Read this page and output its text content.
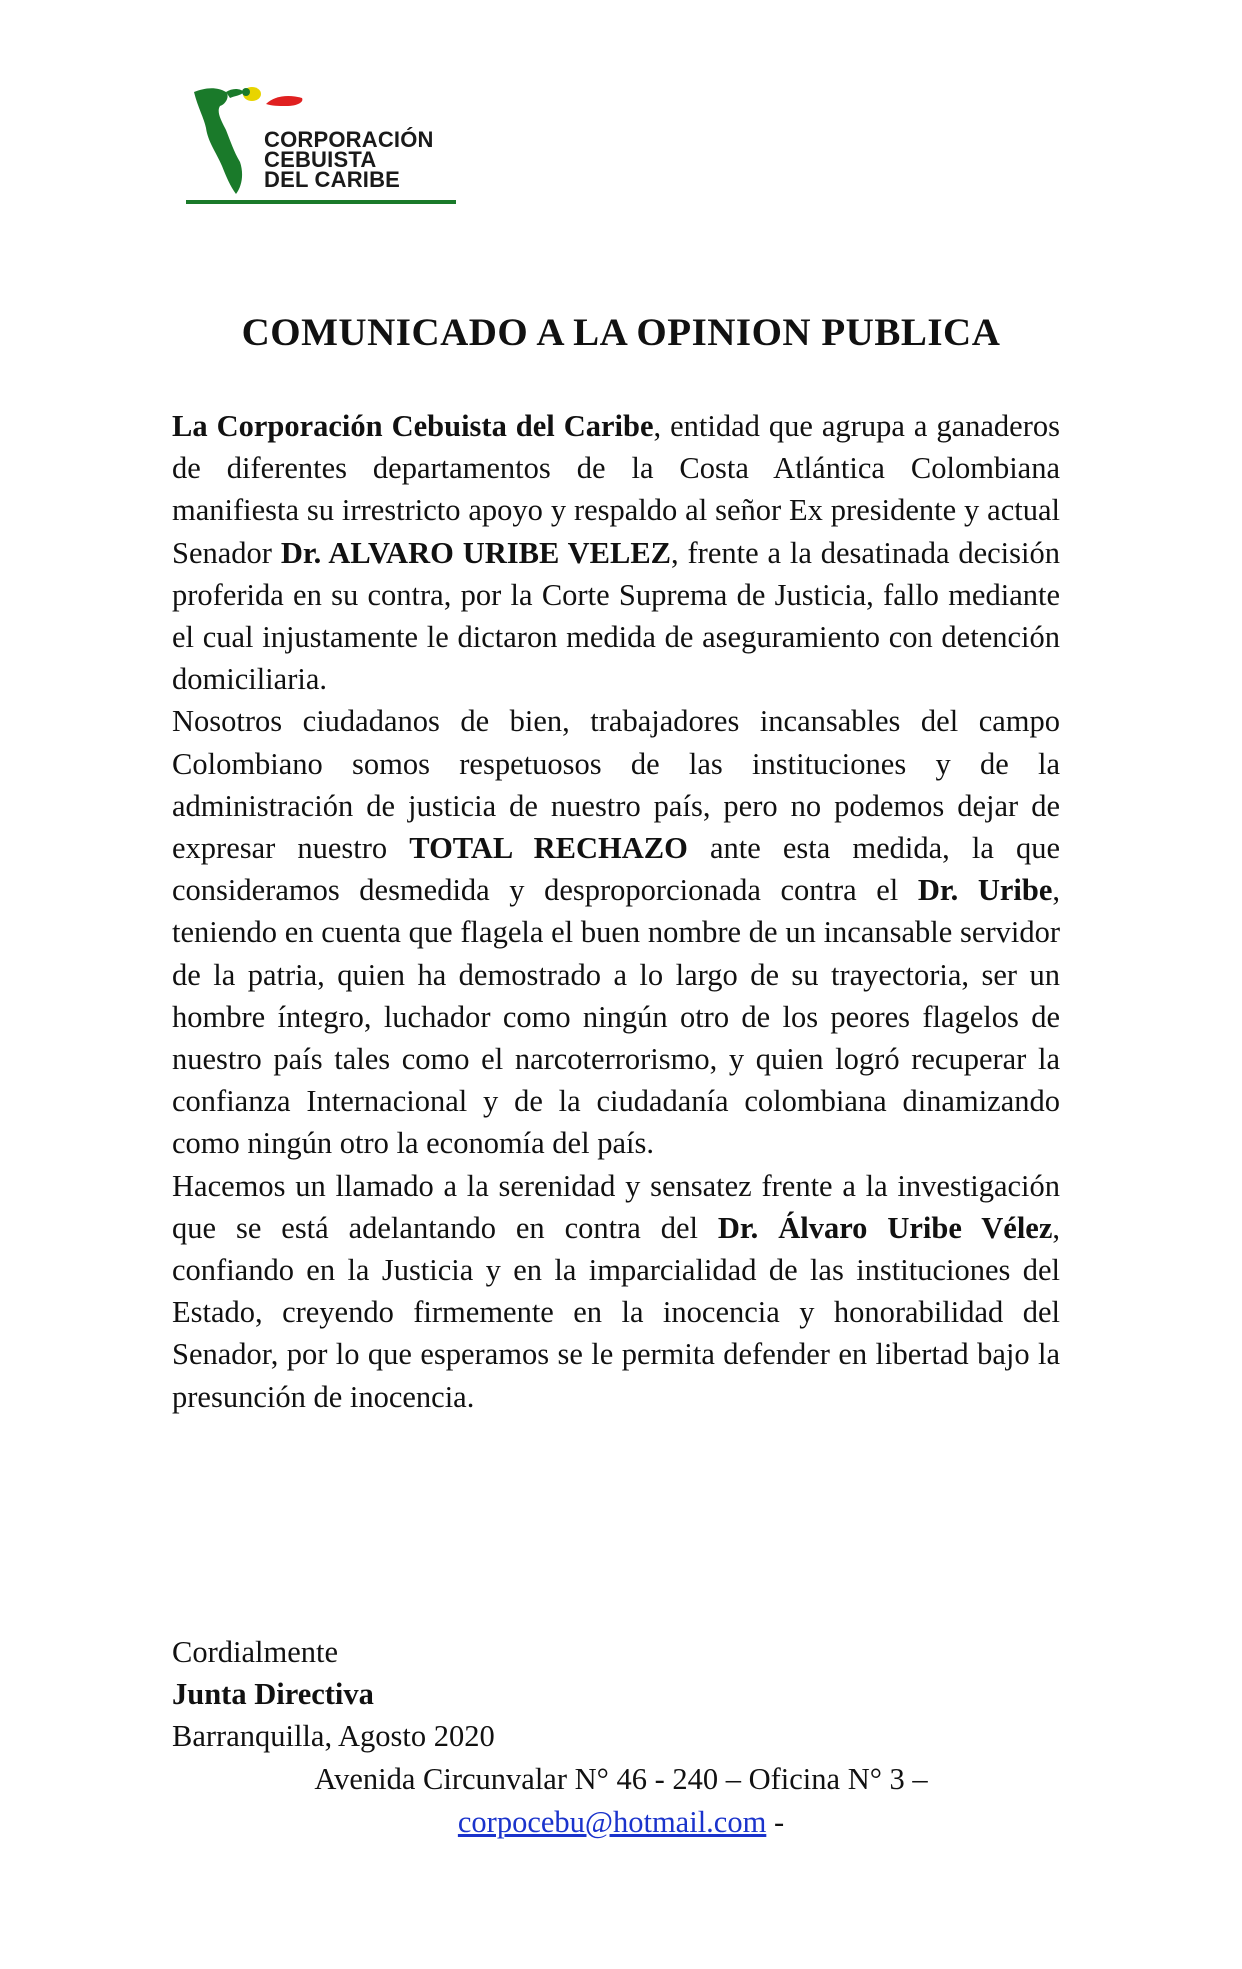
CORPORACIÓN
CEBUISTA
DEL CARIBE
COMUNICADO A LA OPINION PUBLICA

La Corporación Cebuista del Caribe, entidad que agrupa a ganaderos de diferentes departamentos de la Costa Atlántica Colombiana manifiesta su irrestricto apoyo y respaldo al señor Ex presidente y actual Senador Dr. ALVARO URIBE VELEZ, frente a la desatinada decisión proferida en su contra, por la Corte Suprema de Justicia, fallo mediante el cual injustamente le dictaron medida de aseguramiento con detención domiciliaria.

Nosotros ciudadanos de bien, trabajadores incansables del campo Colombiano somos respetuosos de las instituciones y de la administración de justicia de nuestro país, pero no podemos dejar de expresar nuestro TOTAL RECHAZO ante esta medida, la que consideramos desmedida y desproporcionada contra el Dr. Uribe, teniendo en cuenta que flagela el buen nombre de un incansable servidor de la patria, quien ha demostrado a lo largo de su trayectoria, ser un hombre íntegro, luchador como ningún otro de los peores flagelos de nuestro país tales como el narcoterrorismo, y quien logró recuperar la confianza Internacional y de la ciudadanía colombiana dinamizando como ningún otro la economía del país.

Hacemos un llamado a la serenidad y sensatez frente a la investigación que se está adelantando en contra del Dr. Álvaro Uribe Vélez, confiando en la Justicia y en la imparcialidad de las instituciones del Estado, creyendo firmemente en la inocencia y honorabilidad del Senador, por lo que esperamos se le permita defender en libertad bajo la presunción de inocencia.

Cordialmente
Junta Directiva
Barranquilla, Agosto 2020
Avenida Circunvalar N° 46 - 240 – Oficina N° 3 –
corpocebu@hotmail.com -
